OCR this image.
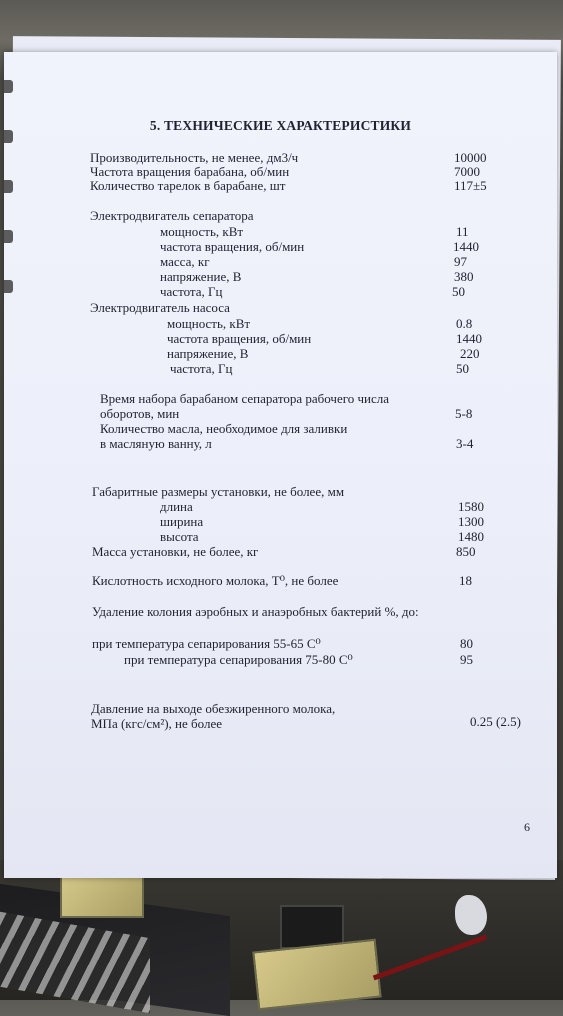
5. ТЕХНИЧЕСКИЕ ХАРАКТЕРИСТИКИ
Производительность, не менее, дм3/ч	10000
Частота вращения барабана, об/мин	7000
Количество тарелок в барабане, шт	117±5
Электродвигатель сепаратора
мощность, кВт	11
частота вращения, об/мин	1440
масса, кг	97
напряжение, В	380
частота, Гц	50
Электродвигатель насоса
мощность, кВт	0.8
частота вращения, об/мин	1440
напряжение, В	220
частота, Гц	50
Время набора барабаном сепаратора рабочего числа
оборотов, мин	5-8
Количество масла, необходимое для заливки
в масляную ванну, л	3-4
Габаритные размеры установки, не более, мм
длина	1580
ширина	1300
высота	1480
Масса установки, не более, кг	850
Кислотность исходного молока, Т⁰, не более	18
Удаление колония аэробных и анаэробных бактерий %, до:
при температура сепарирования 55-65 С⁰	80
при температура сепарирования 75-80 С⁰	95
Давление на выходе обезжиренного молока,
МПа (кгс/см²), не более	0.25 (2.5)
6
